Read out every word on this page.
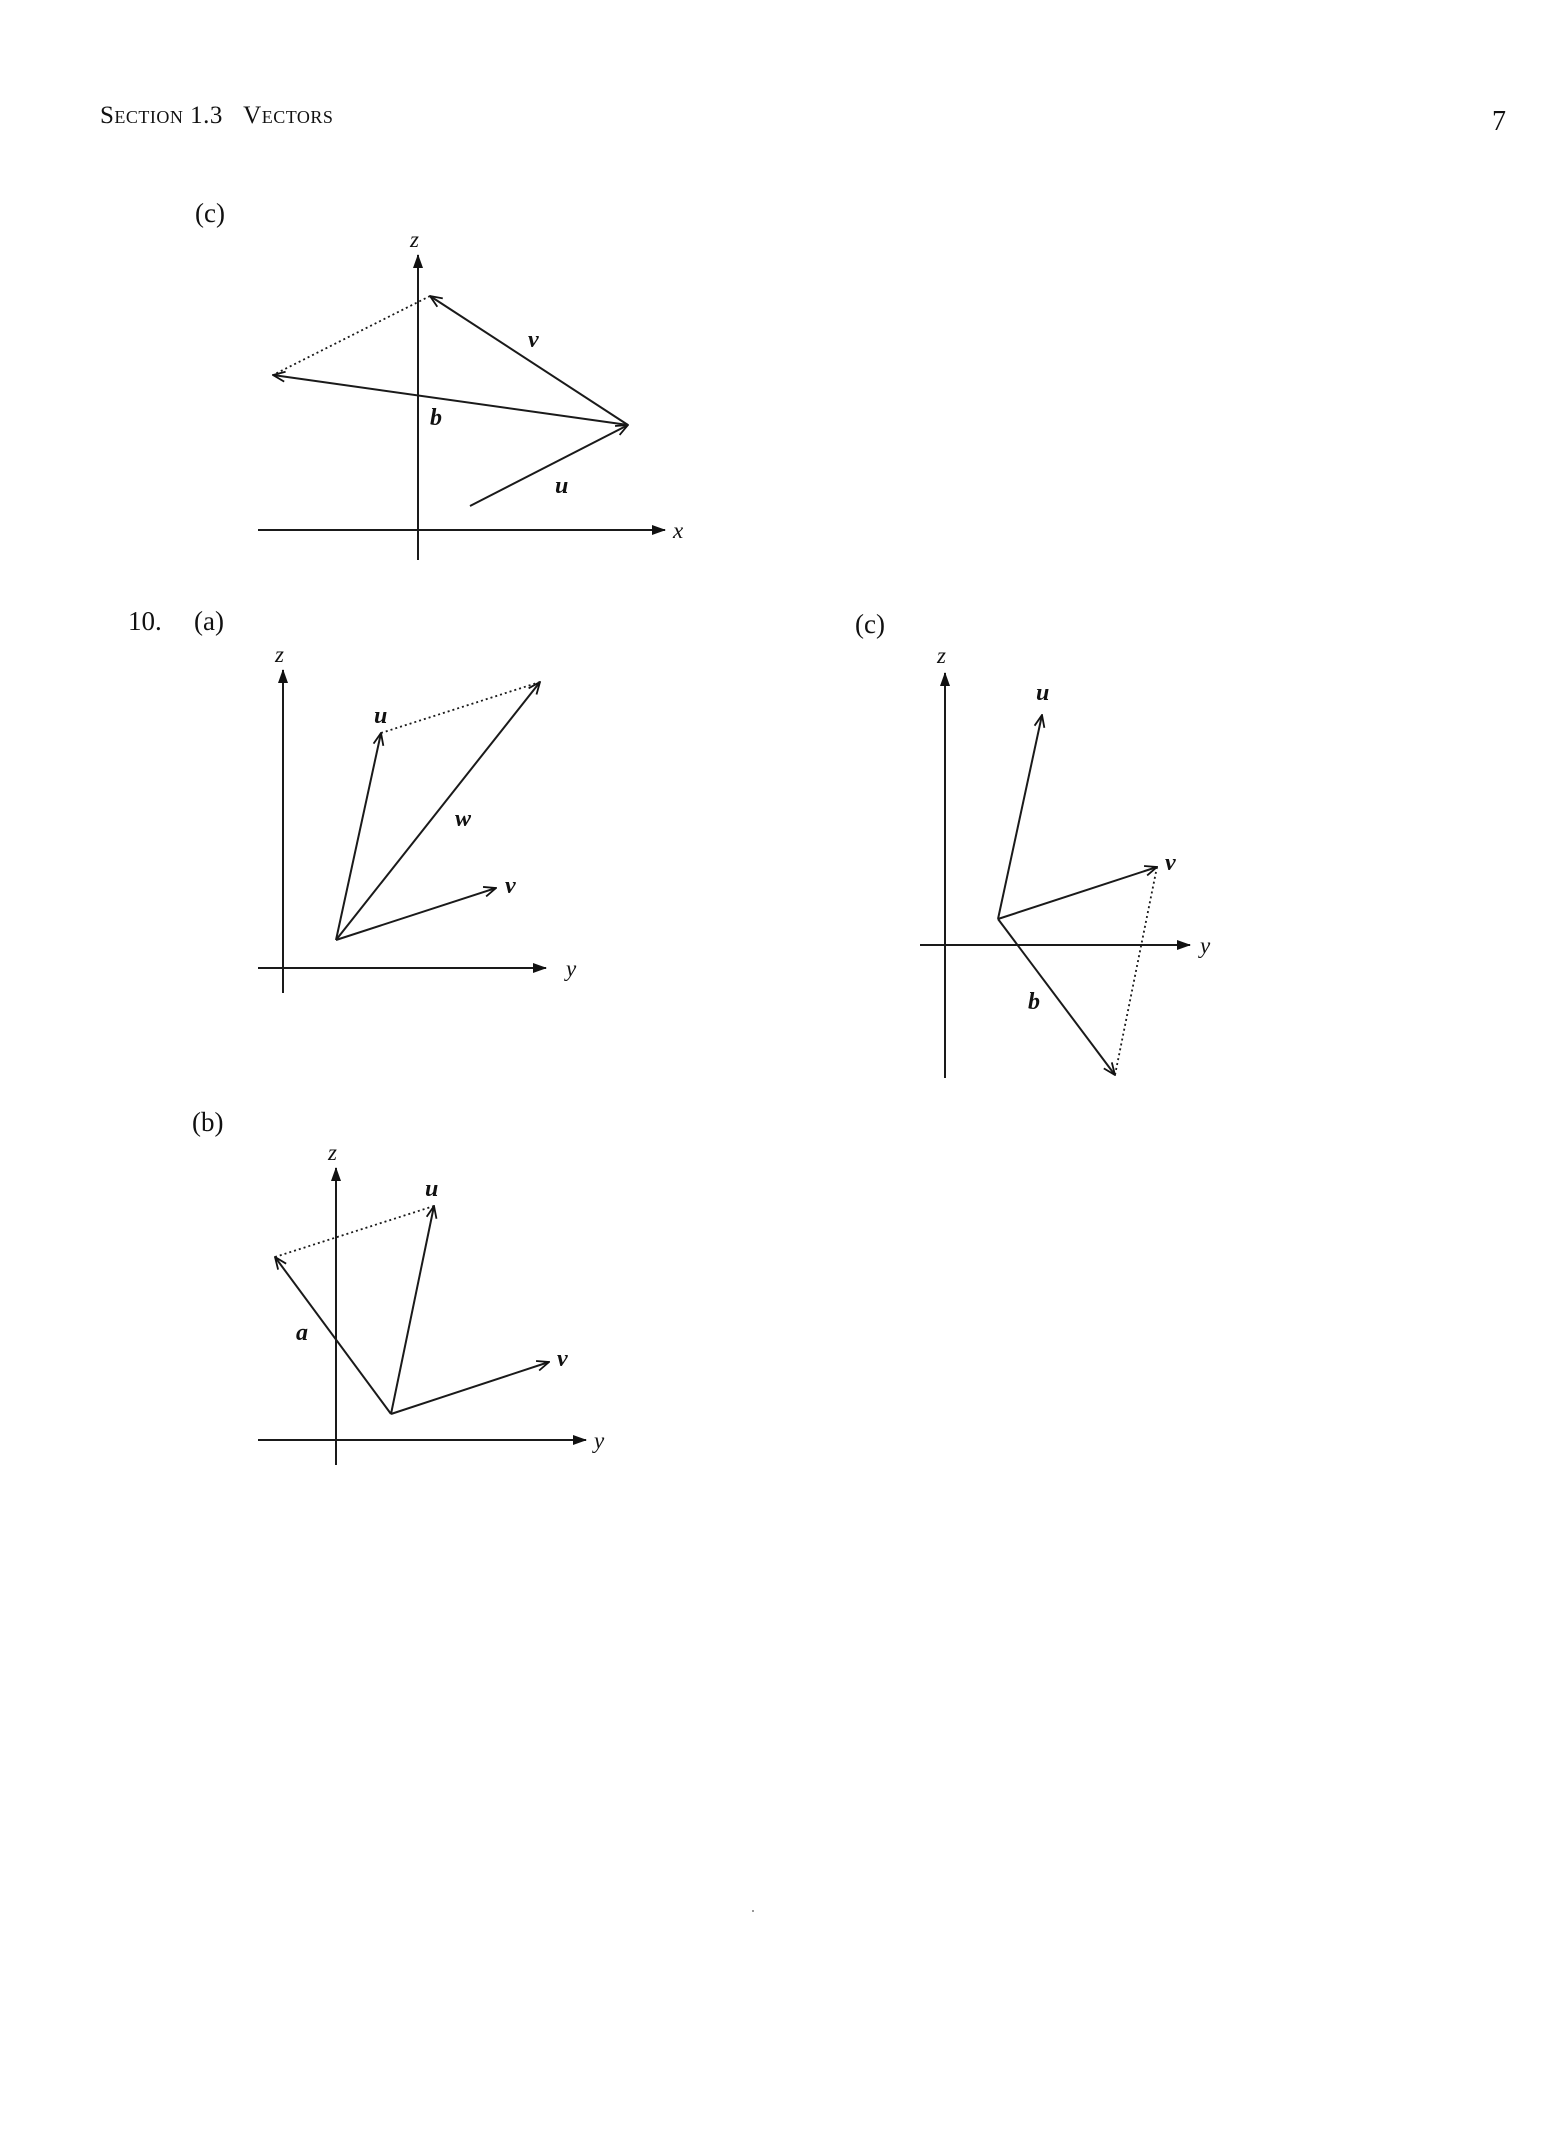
Section 1.3 Vectors	7
(c)
10. (a)	(c)
(b)
z
x
v
b
u
z
y
u
w
v
z
y
u
a
v
z
y
u
v
b
